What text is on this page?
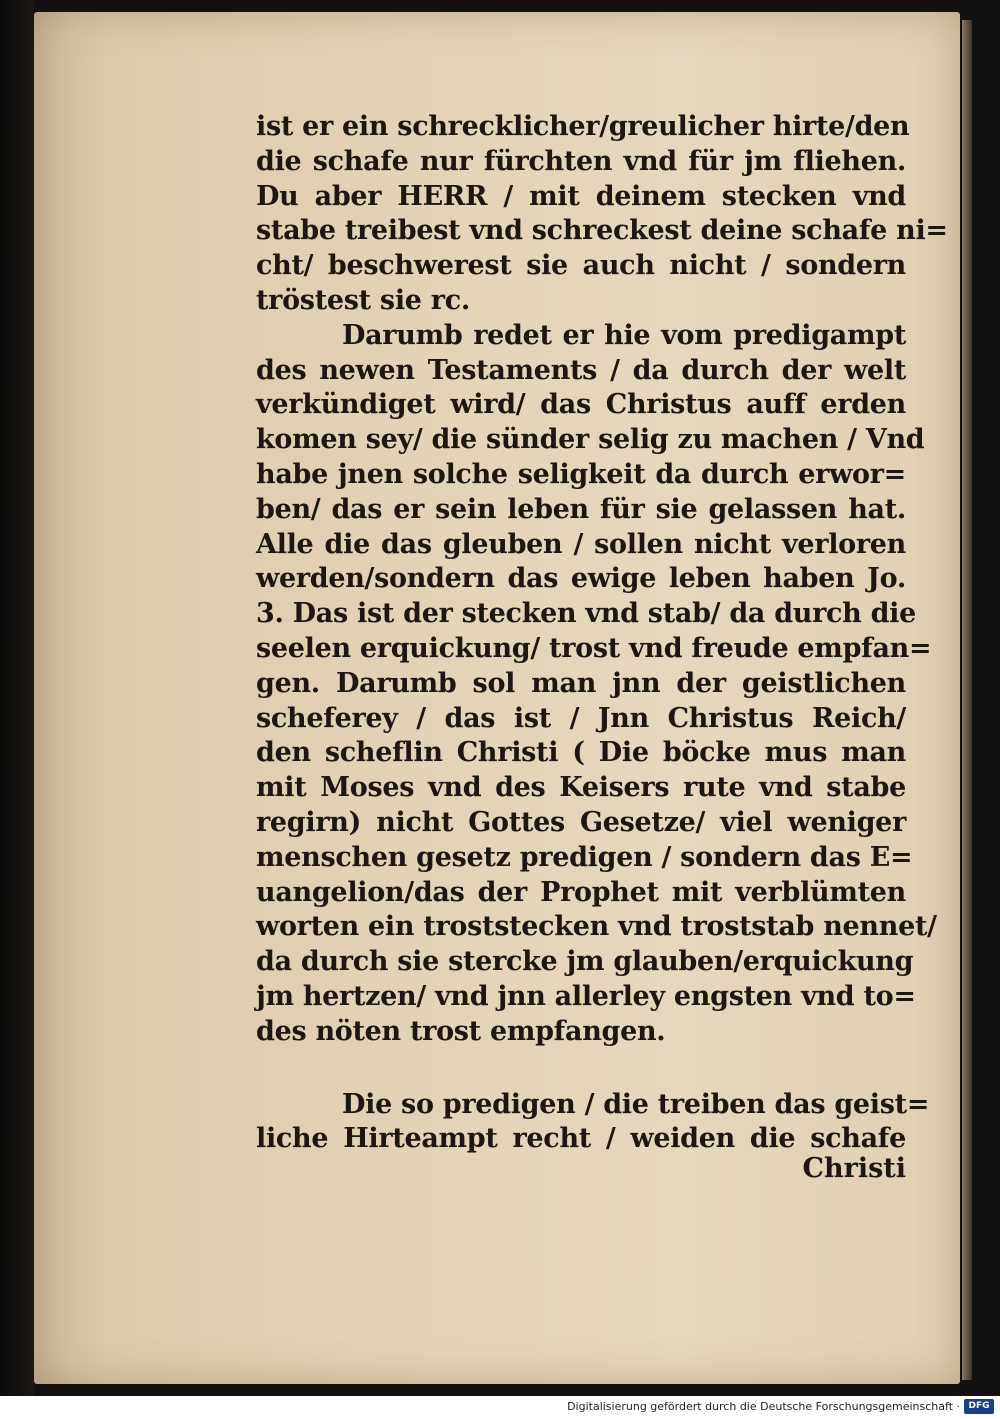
ist er ein schrecklicher/greulicher hirte/den
die schafe nur fürchten vnd für jm fliehen.
Du aber HERR / mit deinem stecken vnd
stabe treibest vnd schreckest deine schafe ni=
cht/ beschwerest sie auch nicht / sondern
tröstest sie rc.
Darumb redet er hie vom predigampt
des newen Testaments / da durch der welt
verkündiget wird/ das Christus auff erden
komen sey/ die sünder selig zu machen / Vnd
habe jnen solche seligkeit da durch erwor=
ben/ das er sein leben für sie gelassen hat.
Alle die das gleuben / sollen nicht verloren
werden/sondern das ewige leben haben Jo.
3. Das ist der stecken vnd stab/ da durch die
seelen erquickung/ trost vnd freude empfan=
gen. Darumb sol man jnn der geistlichen
scheferey / das ist / Jnn Christus Reich/
den scheflin Christi ( Die böcke mus man
mit Moses vnd des Keisers rute vnd stabe
regirn) nicht Gottes Gesetze/ viel weniger
menschen gesetz predigen / sondern das E=
uangelion/das der Prophet mit verblümten
worten ein troststecken vnd troststab nennet/
da durch sie stercke jm glauben/erquickung
jm hertzen/ vnd jnn allerley engsten vnd to=
des nöten trost empfangen.
Die so predigen / die treiben das geist=
liche Hirteampt recht / weiden die schafe
Christi
Digitalisierung gefördert durch die Deutsche Forschungsgemeinschaft · DFG
